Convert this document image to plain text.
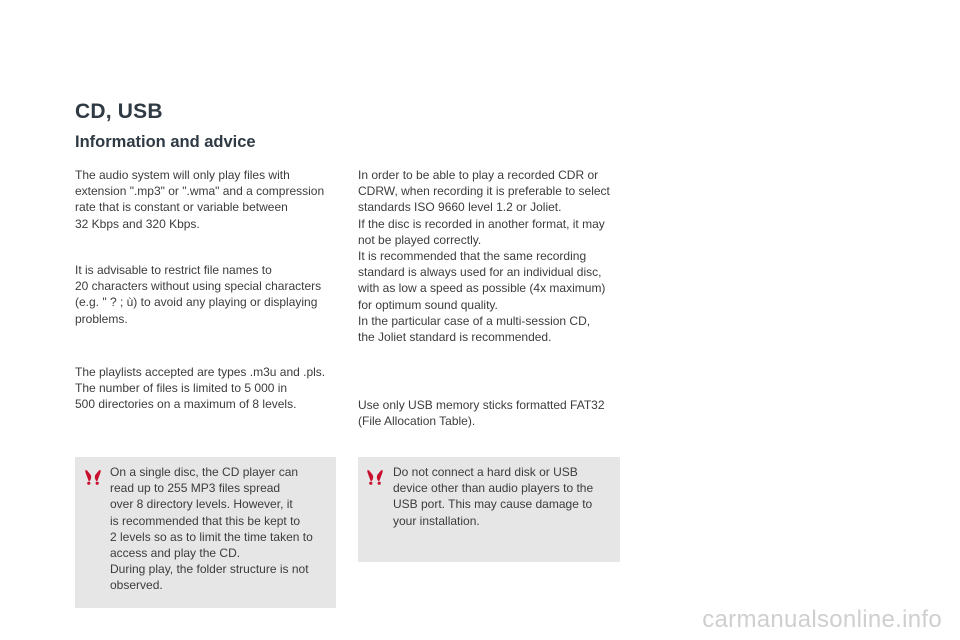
CD, USB
Information and advice

The audio system will only play files with
extension ".mp3" or ".wma" and a compression
rate that is constant or variable between
32 Kbps and 320 Kbps.

It is advisable to restrict file names to
20 characters without using special characters
(e.g. " ? ; ù) to avoid any playing or displaying
problems.

The playlists accepted are types .m3u and .pls.
The number of files is limited to 5 000 in
500 directories on a maximum of 8 levels.

On a single disc, the CD player can
read up to 255 MP3 files spread
over 8 directory levels. However, it
is recommended that this be kept to
2 levels so as to limit the time taken to
access and play the CD.
During play, the folder structure is not
observed.

In order to be able to play a recorded CDR or
CDRW, when recording it is preferable to select
standards ISO 9660 level 1.2 or Joliet.
If the disc is recorded in another format, it may
not be played correctly.
It is recommended that the same recording
standard is always used for an individual disc,
with as low a speed as possible (4x maximum)
for optimum sound quality.
In the particular case of a multi-session CD,
the Joliet standard is recommended.

Use only USB memory sticks formatted FAT32
(File Allocation Table).

Do not connect a hard disk or USB
device other than audio players to the
USB port. This may cause damage to
your installation.

carmanualsonline.info
